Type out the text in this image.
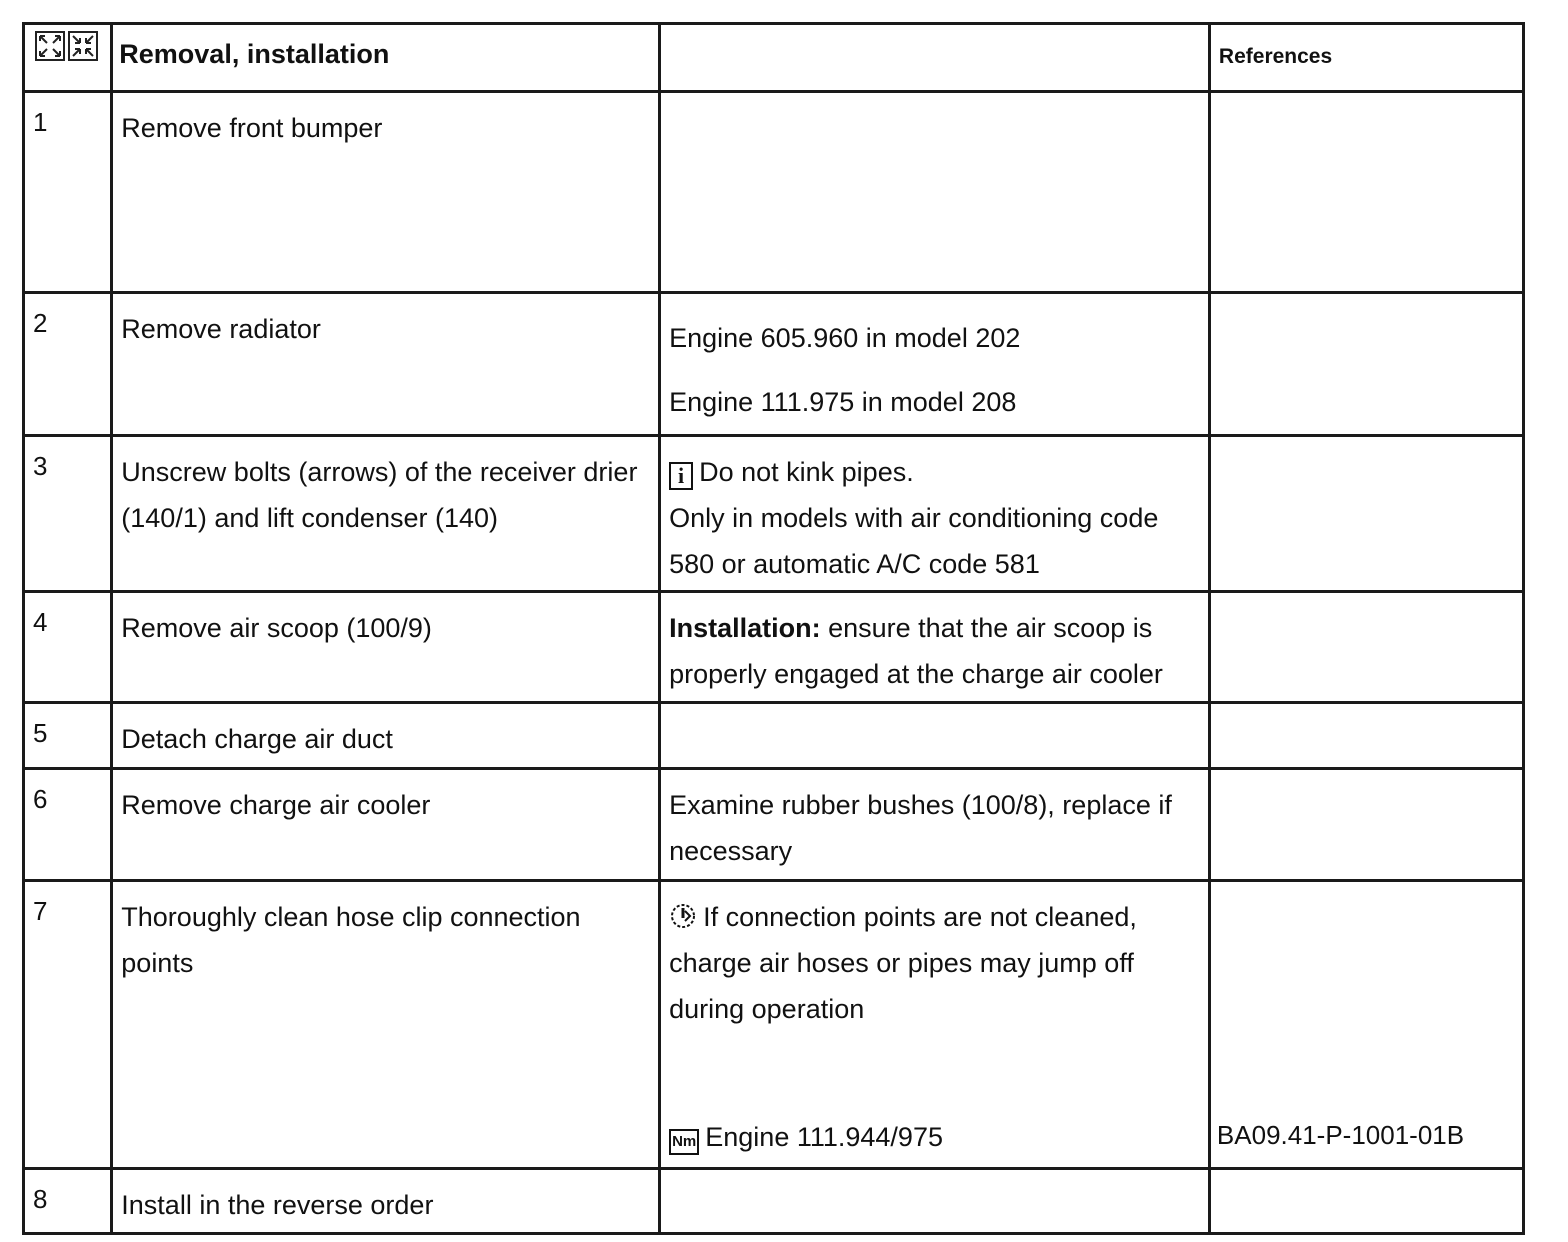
	Removal, installation		References
1	Remove front bumper		
2	Remove radiator	Engine 605.960 in model 202
Engine 111.975 in model 208	

3	Unscrew bolts (arrows) of the receiver drier (140/1) and lift condenser (140)	i Do not kink pipes.
Only in models with air conditioning code 580 or automatic A/C code 581	

4	Remove air scoop (100/9)	Installation: ensure that the air scoop is properly engaged at the charge air cooler	
5	Detach charge air duct		
6	Remove charge air cooler	Examine rubber bushes (100/8), replace if necessary	
7	Thoroughly clean hose clip connection points	If connection points are not cleaned, charge air hoses or pipes may jump off during operation
Nm Engine 111.944/975	BA09.41-P-1001-01B

8	Install in the reverse order		
